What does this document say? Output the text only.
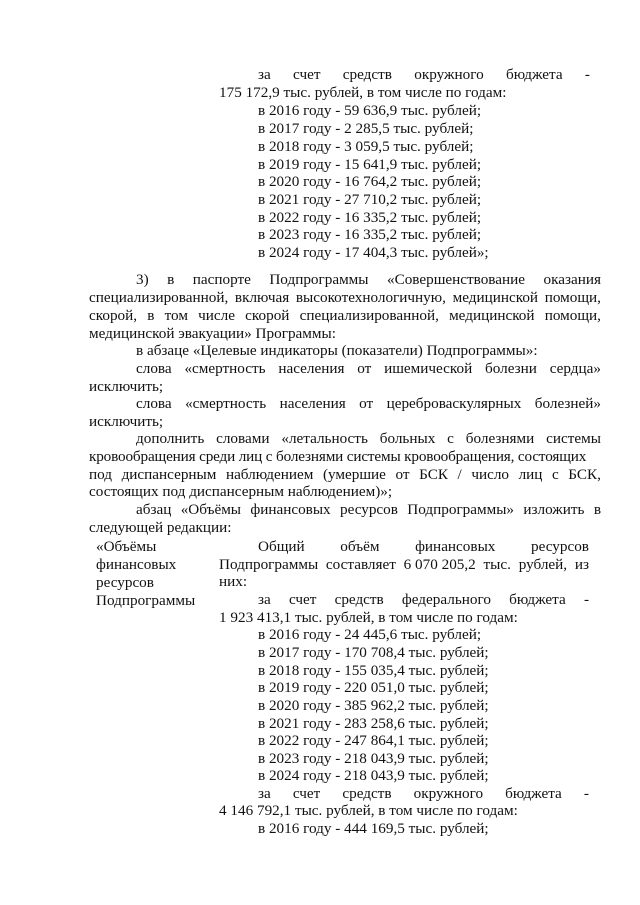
за счет средств окружного бюджета -
175 172,9 тыс. рублей, в том числе по годам:
в 2016 году - 59 636,9 тыс. рублей;
в 2017 году - 2 285,5 тыс. рублей;
в 2018 году - 3 059,5 тыс. рублей;
в 2019 году - 15 641,9 тыс. рублей;
в 2020 году - 16 764,2 тыс. рублей;
в 2021 году - 27 710,2 тыс. рублей;
в 2022 году - 16 335,2 тыс. рублей;
в 2023 году - 16 335,2 тыс. рублей;
в 2024 году - 17 404,3 тыс. рублей»;
3) в паспорте Подпрограммы «Совершенствование оказания
специализированной, включая высокотехнологичную, медицинской помощи,
скорой, в том числе скорой специализированной, медицинской помощи,
медицинской эвакуации» Программы:
в абзаце «Целевые индикаторы (показатели) Подпрограммы»:
слова «смертность населения от ишемической болезни сердца»
исключить;
слова «смертность населения от цереброваскулярных болезней»
исключить;
дополнить словами «летальность больных с болезнями системы
кровообращения среди лиц с болезнями системы кровообращения, состоящих
под диспансерным наблюдением (умершие от БСК / число лиц с БСК,
состоящих под диспансерным наблюдением)»;
абзац «Объёмы финансовых ресурсов Подпрограммы» изложить в
следующей редакции:
«Объёмы
финансовых
ресурсов
Подпрограммы
Общий объём финансовых ресурсов
Подпрограммы составляет 6 070 205,2 тыс. рублей, из
них:
за счет средств федерального бюджета -
1 923 413,1 тыс. рублей, в том числе по годам:
в 2016 году - 24 445,6 тыс. рублей;
в 2017 году - 170 708,4 тыс. рублей;
в 2018 году - 155 035,4 тыс. рублей;
в 2019 году - 220 051,0 тыс. рублей;
в 2020 году - 385 962,2 тыс. рублей;
в 2021 году - 283 258,6 тыс. рублей;
в 2022 году - 247 864,1 тыс. рублей;
в 2023 году - 218 043,9 тыс. рублей;
в 2024 году - 218 043,9 тыс. рублей;
за счет средств окружного бюджета -
4 146 792,1 тыс. рублей, в том числе по годам:
в 2016 году - 444 169,5 тыс. рублей;
